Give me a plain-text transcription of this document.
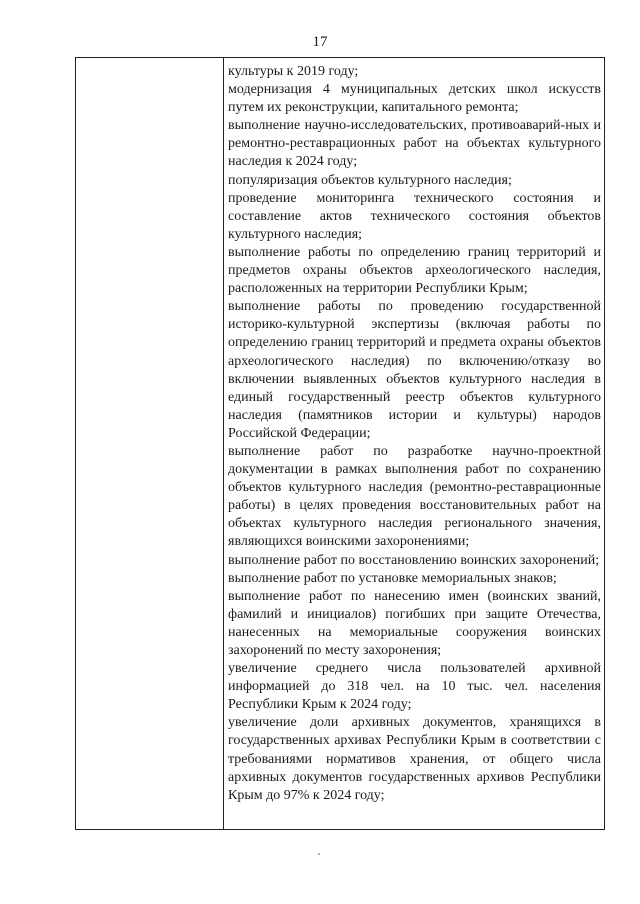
17

культуры к 2019 году;

модернизация 4 муниципальных детских школ искусств путем их реконструкции, капитального ремонта;

выполнение научно-исследовательских, противоаварий-ных и ремонтно-реставрационных работ на объектах культурного наследия к 2024 году;

популяризация объектов культурного наследия;

проведение мониторинга технического состояния и составление актов технического состояния объектов культурного наследия;

выполнение работы по определению границ территорий и предметов охраны объектов археологического наследия, расположенных на территории Республики Крым;

выполнение работы по проведению государственной историко-культурной экспертизы (включая работы по определению границ территорий и предмета охраны объектов археологического наследия) по включению/отказу во включении выявленных объектов культурного наследия в единый государственный реестр объектов культурного наследия (памятников истории и культуры) народов Российской Федерации;

выполнение работ по разработке научно-проектной документации в рамках выполнения работ по сохранению объектов культурного наследия (ремонтно-реставрационные работы) в целях проведения восстановительных работ на объектах культурного наследия регионального значения, являющихся воинскими захоронениями;

выполнение работ по восстановлению воинских захоронений;

выполнение работ по установке мемориальных знаков;

выполнение работ по нанесению имен (воинских званий, фамилий и инициалов) погибших при защите Отечества, нанесенных на мемориальные сооружения воинских захоронений по месту захоронения;

увеличение среднего числа пользователей архивной информацией до 318 чел. на 10 тыс. чел. населения Республики Крым к 2024 году;

увеличение доли архивных документов, хранящихся в государственных архивах Республики Крым в соответствии с требованиями нормативов хранения, от общего числа архивных документов государственных архивов Республики Крым до 97% к 2024 году;
